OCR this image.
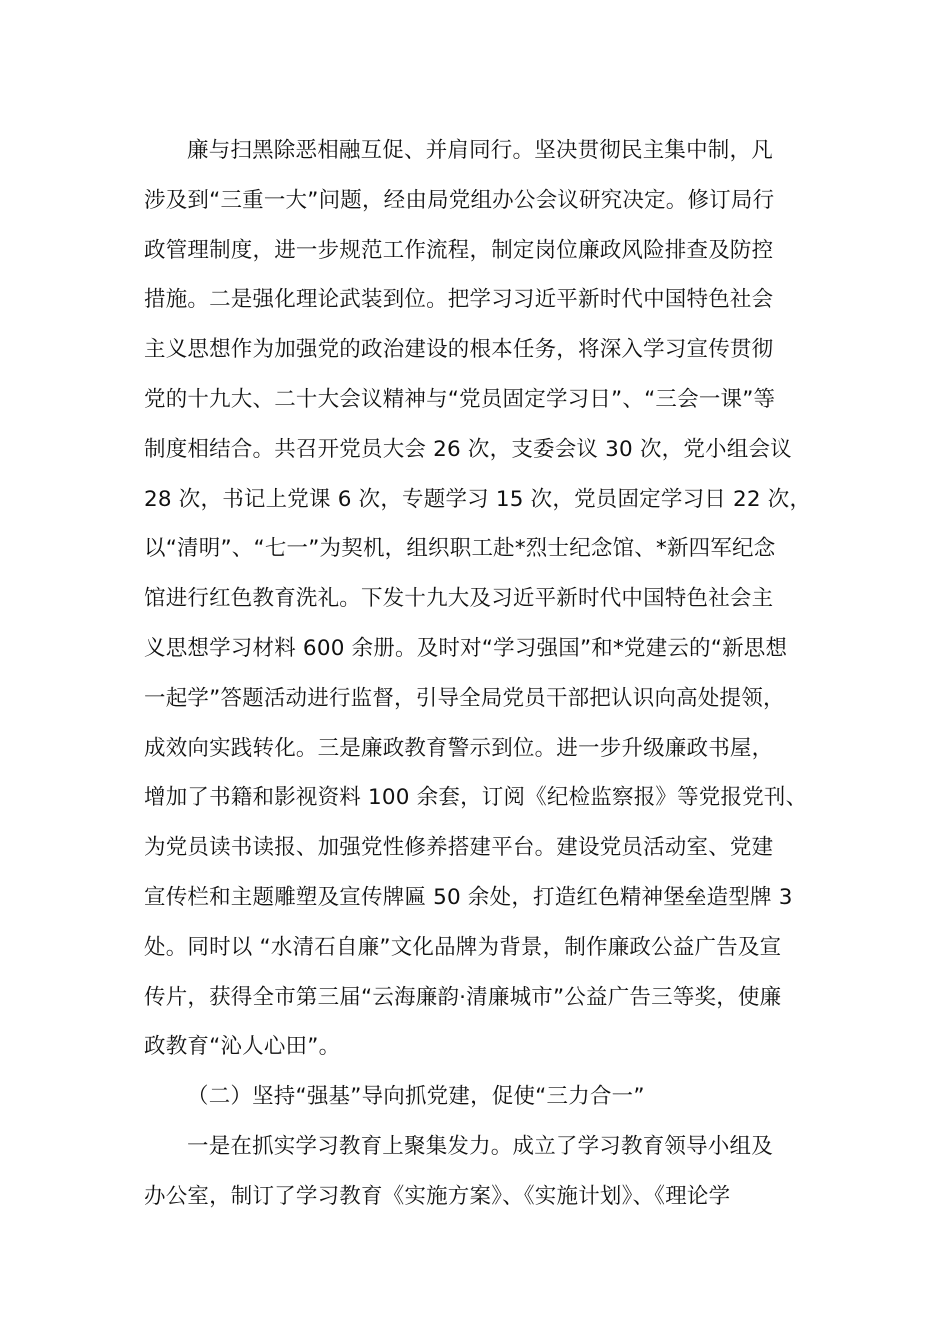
廉与扫黑除恶相融互促、并肩同行。坚决贯彻民主集中制，凡
涉及到“三重一大”问题，经由局党组办公会议研究决定。修订局行
政管理制度，进一步规范工作流程，制定岗位廉政风险排查及防控
措施。二是强化理论武装到位。把学习习近平新时代中国特色社会
主义思想作为加强党的政治建设的根本任务，将深入学习宣传贯彻
党的十九大、二十大会议精神与“党员固定学习日”、“三会一课”等
制度相结合。共召开党员大会 26 次，支委会议 30 次，党小组会议
28 次，书记上党课 6 次，专题学习 15 次，党员固定学习日 22 次，
以“清明”、“七一”为契机，组织职工赴*烈士纪念馆、*新四军纪念
馆进行红色教育洗礼。下发十九大及习近平新时代中国特色社会主
义思想学习材料 600 余册。及时对“学习强国”和*党建云的“新思想
一起学”答题活动进行监督，引导全局党员干部把认识向高处提领，
成效向实践转化。三是廉政教育警示到位。进一步升级廉政书屋，
增加了书籍和影视资料 100 余套，订阅《纪检监察报》等党报党刊、
为党员读书读报、加强党性修养搭建平台。建设党员活动室、党建
宣传栏和主题雕塑及宣传牌匾 50 余处，打造红色精神堡垒造型牌 3
处。同时以 “水清石自廉”文化品牌为背景，制作廉政公益广告及宣
传片，获得全市第三届“云海廉韵·清廉城市”公益广告三等奖，使廉
政教育“沁人心田”。
（二）坚持“强基”导向抓党建，促使“三力合一”
一是在抓实学习教育上聚集发力。成立了学习教育领导小组及
办公室，制订了学习教育《实施方案》、《实施计划》、《理论学
